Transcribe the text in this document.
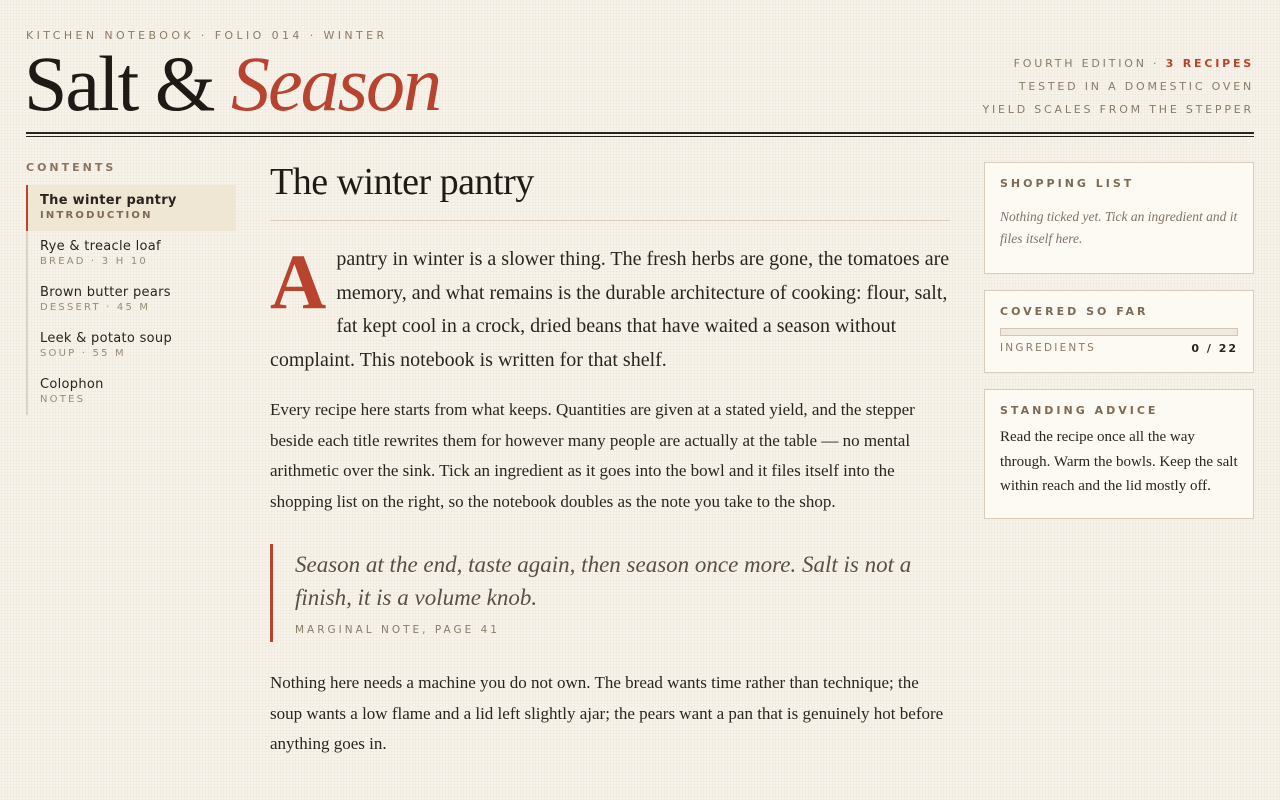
KITCHEN NOTEBOOK · FOLIO 014 · WINTER
Salt & Season	FOURTH EDITION · 3 RECIPES
TESTED IN A DOMESTIC OVEN
YIELD SCALES FROM THE STEPPER
CONTENTS
The winter pantry
INTRODUCTION
Rye & treacle loaf
BREAD · 3 H 10
Brown butter pears
DESSERT · 45 M
Leek & potato soup
SOUP · 55 M
Colophon
NOTES
The winter pantry

Apantry in winter is a slower thing. The fresh herbs are gone, the tomatoes are memory, and what remains is the durable architecture of cooking: flour, salt, fat kept cool in a crock, dried beans that have waited a season without complaint. This notebook is written for that shelf.

Every recipe here starts from what keeps. Quantities are given at a stated yield, and the stepper beside each title rewrites them for however many people are actually at the table — no mental arithmetic over the sink. Tick an ingredient as it goes into the bowl and it files itself into the shopping list on the right, so the notebook doubles as the note you take to the shop.

Season at the end, taste again, then season once more. Salt is not a finish, it is a volume knob.
MARGINAL NOTE, PAGE 41

Nothing here needs a machine you do not own. The bread wants time rather than technique; the soup wants a low flame and a lid left slightly ajar; the pears want a pan that is genuinely hot before anything goes in.

SHOPPING LIST
Nothing ticked yet. Tick an ingredient and it files itself here.
COVERED SO FAR
INGREDIENTS	0 / 22
STANDING ADVICE
Read the recipe once all the way through. Warm the bowls. Keep the salt within reach and the lid mostly off.
